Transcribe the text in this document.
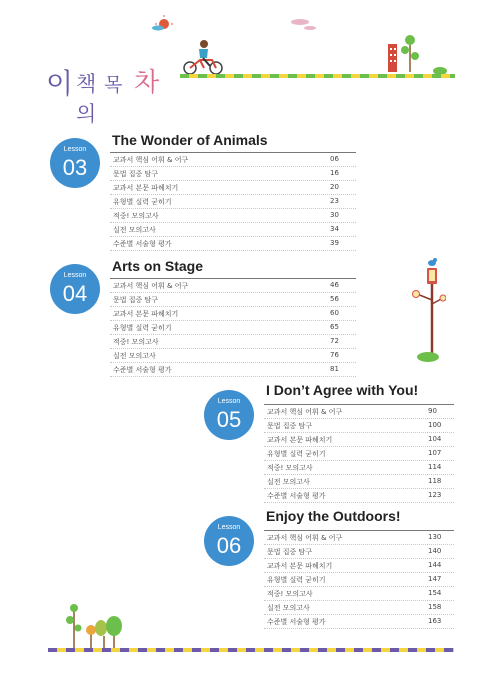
이 책의
목 차
Lesson
03
The Wonder of Animals
교과서 핵심 어휘 & 어구	06
문법 집중 탐구	16
교과서 본문 파헤치기	20
유형별 실력 굳히기	23
적중! 모의고사	30
실전 모의고사	34
수준별 서술형 평가	39
Lesson
04
Arts on Stage
교과서 핵심 어휘 & 어구	46
문법 집중 탐구	56
교과서 본문 파헤치기	60
유형별 실력 굳히기	65
적중! 모의고사	72
실전 모의고사	76
수준별 서술형 평가	81
Lesson
05
I Don’t Agree with You!
교과서 핵심 어휘 & 어구	90
문법 집중 탐구	100
교과서 본문 파헤치기	104
유형별 실력 굳히기	107
적중! 모의고사	114
실전 모의고사	118
수준별 서술형 평가	123
Lesson
06
Enjoy the Outdoors!
교과서 핵심 어휘 & 어구	130
문법 집중 탐구	140
교과서 본문 파헤치기	144
유형별 실력 굳히기	147
적중! 모의고사	154
실전 모의고사	158
수준별 서술형 평가	163
